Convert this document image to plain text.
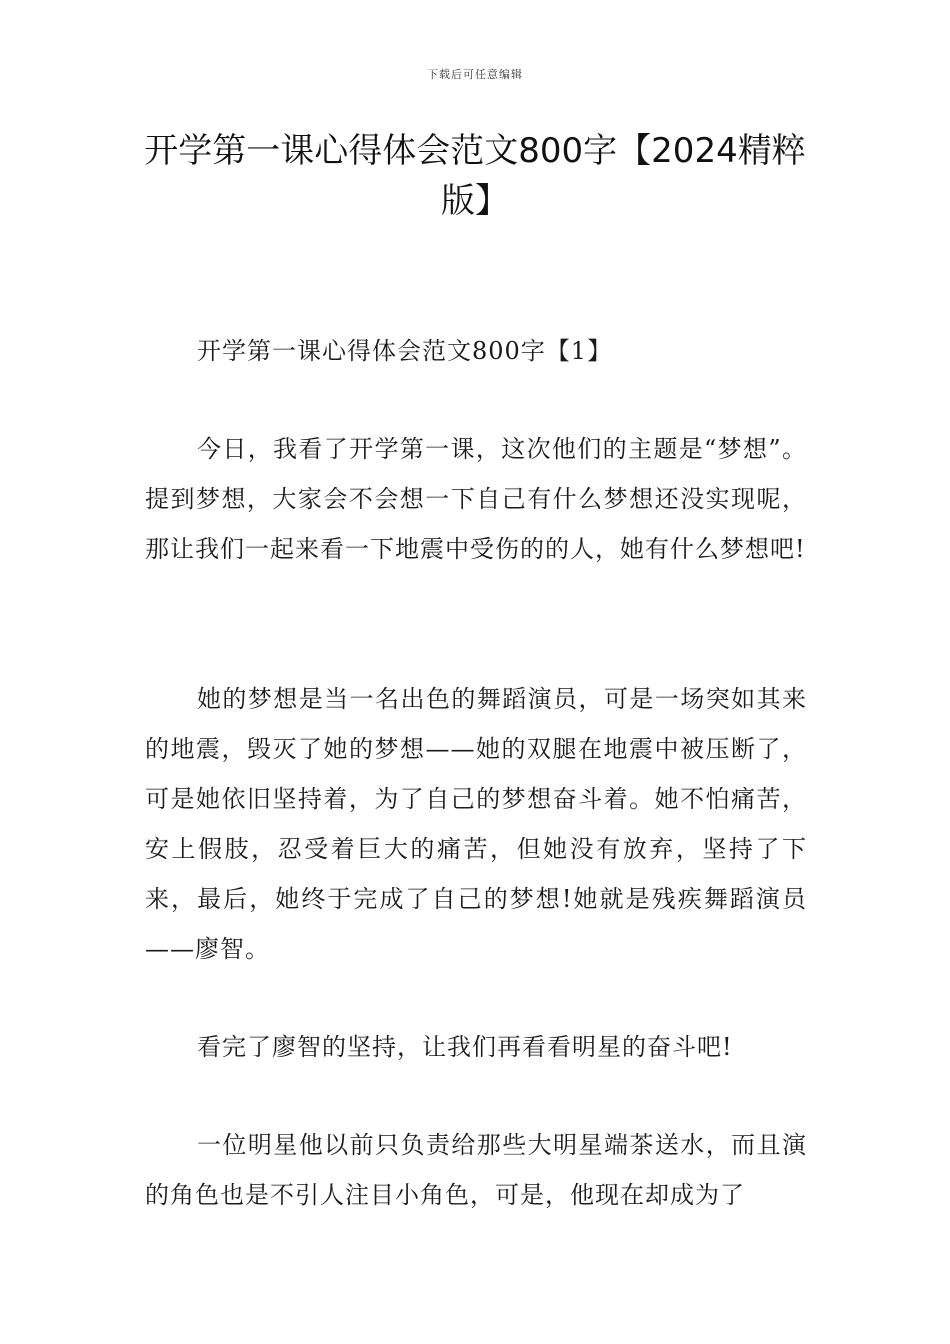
下载后可任意编辑
开学第一课心得体会范文800字【2024精粹版】

开学第一课心得体会范文800字【1】

今日，我看了开学第一课，这次他们的主题是“梦想”。提到梦想，大家会不会想一下自己有什么梦想还没实现呢，那让我们一起来看一下地震中受伤的的人，她有什么梦想吧!

她的梦想是当一名出色的舞蹈演员，可是一场突如其来的地震，毁灭了她的梦想——她的双腿在地震中被压断了，可是她依旧坚持着，为了自己的梦想奋斗着。她不怕痛苦，安上假肢，忍受着巨大的痛苦，但她没有放弃，坚持了下来，最后，她终于完成了自己的梦想!她就是残疾舞蹈演员——廖智。

看完了廖智的坚持，让我们再看看明星的奋斗吧!

一位明星他以前只负责给那些大明星端茶送水，而且演的角色也是不引人注目小角色，可是，他现在却成为了
